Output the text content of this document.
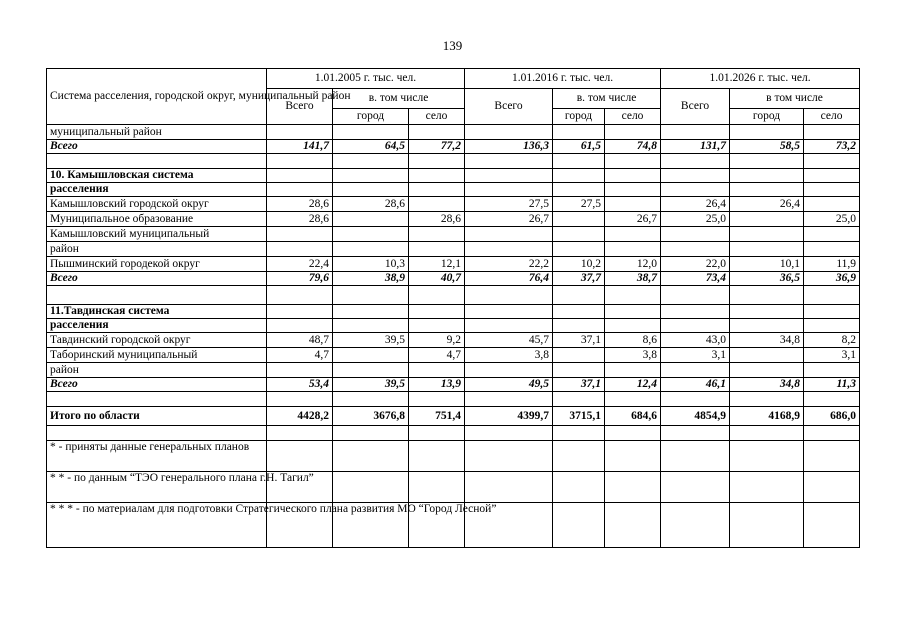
139
Система расселения, городской округ, муниципальный район	1.01.2005 г. тыс. чел.			1.01.2016 г. тыс. чел.			1.01.2026 г. тыс. чел.		
	Всего	в. том числе		Всего	в. том числе		Всего	в том числе	
		город	село		город	село		город	село
муниципальный район									
Всего	141,7	64,5	77,2	136,3	61,5	74,8	131,7	58,5	73,2

10. Камышловская система									
расселения									
Камышловский городской округ	28,6	28,6		27,5	27,5		26,4	26,4	
Муниципальное образование	28,6		28,6	26,7		26,7	25,0		25,0
Камышловский муниципальный									
район									
Пышминский городекой округ	22,4	10,3	12,1	22,2	10,2	12,0	22,0	10,1	11,9
Всего	79,6	38,9	40,7	76,4	37,7	38,7	73,4	36,5	36,9

11.Тавдинская система									
расселения									
Тавдинский городской округ	48,7	39,5	9,2	45,7	37,1	8,6	43,0	34,8	8,2
Таборинский муниципальный	4,7		4,7	3,8		3,8	3,1		3,1
район									
Всего	53,4	39,5	13,9	49,5	37,1	12,4	46,1	34,8	11,3

Итого по области	4428,2	3676,8	751,4	4399,7	3715,1	684,6	4854,9	4168,9	686,0

* - приняты данные генеральных планов									
* * - по данным “ТЭО генерального плана г.Н. Тагил”									
* * * - по материалам для подготовки Стратегического плана развития МО “Город Лесной”									
